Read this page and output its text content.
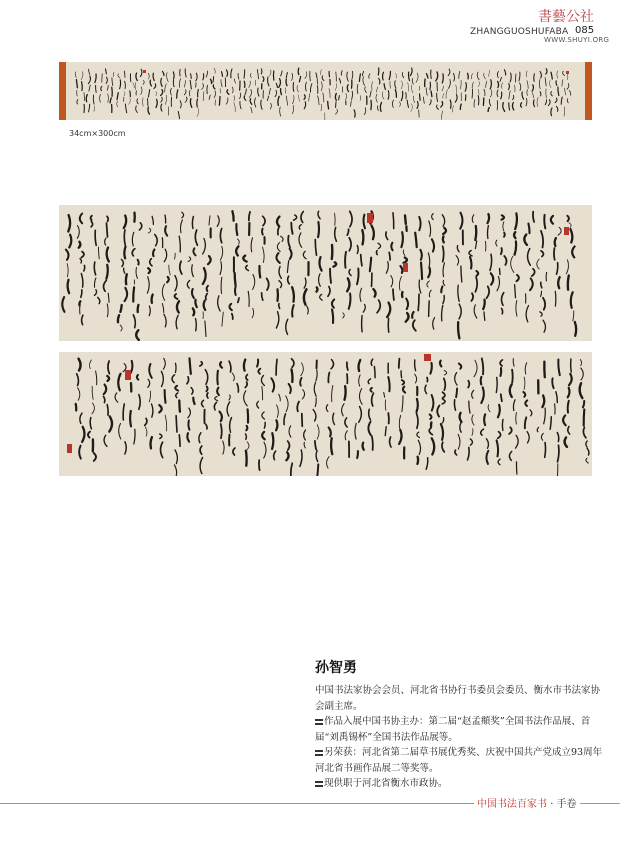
ZHANGGUOSHUFABA
書藝公社
WWW.SHUYI.ORG
085
34cm×300cm
孙智勇

中国书法家协会会员、河北省书协行书委员会委员、衡水市书法家协会副主席。

作品入展中国书协主办：第二届“赵孟頫奖”全国书法作品展、首届“刘禹锡杯”全国书法作品展等。

另荣获：河北省第二届草书展优秀奖、庆祝中国共产党成立93周年河北省书画作品展二等奖等。

现供职于河北省衡水市政协。

中国书法百家书 · 手卷
